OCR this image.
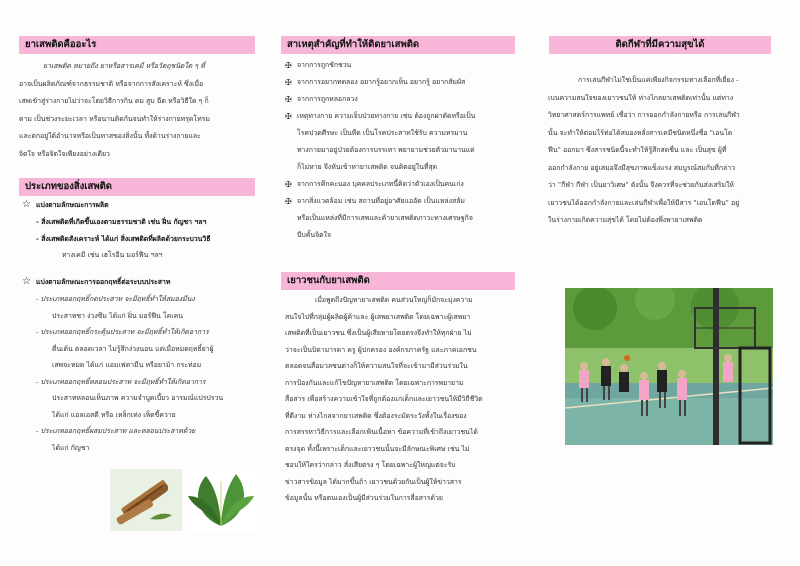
ยาเสพติดคืออะไร
ยาเสพติด หมายถึง ยาหรือสารเคมี หรือวัตถุชนิดใด ๆ ที่
อาจเป็นผลิตภัณฑ์จากธรรมชาติ หรือจากการสังเคราะห์ ซึ่งเมื่อ
เสพเข้าสู่ร่างกายไม่ว่าจะโดยวิธีการกิน ดม สูบ ฉีด หรือวิธีใด ๆ ก็
ตาม เป็นช่วงระยะเวลา หรือนานติดกันจนทำให้ร่างกายทรุดโทรม
และตกอยู่ใต้อำนาจหรือเป็นทาสของสิ่งนั้น ทั้งด้านร่างกายและ
จิตใจ หรือจิตใจเพียงอย่างเดียว
ประเภทของสิ่งเสพติด
☆ แบ่งตามลักษณะการผลิต
- สิ่งเสพติดที่เกิดขึ้นเองตามธรรมชาติ เช่น ฝิ่น กัญชา ฯลฯ
- สิ่งเสพติดสังเคราะห์ ได้แก่ สิ่งเสพติดที่ผลิตด้วยกระบวนวิธี
ทางเคมี เช่น เฮโรอีน มอร์ฟีน ฯลฯ
☆ แบ่งตามลักษณะการออกฤทธิ์ต่อระบบประสาท
- ประเภทออกฤทธิ์กดประสาท จะมีฤทธิ์ทำให้สมองมึนง
ประสาทชา ง่วงซึม ได้แก่ ฝิ่น มอร์ฟีน โคเคน
- ประเภทออกฤทธิ์กระตุ้นประสาท จะมีฤทธิ์ทำให้เกิดอาการ
ตื่นเต้น ตลอดเวลา ไม่รู้สึกง่วงนอน แต่เมื่อหมดฤทธิ์ยาผู้
เสพจะหมด ได้แก่ แอมเฟตามีน หรือยาม้า กระท่อม
- ประเภทออกฤทธิ์หลอนประสาท จะมีฤทธิ์ทำให้เกิดอาการ
ประสาทหลอนเห็นภาพ ความจำบูดเบี้ยว อารมณ์แปรปรวน
ได้แก่ แอลเอสดี หรือ เหล็กเท่ง เห็ดขี้ควาย
- ประเภทออกฤทธิ์ผสมประสาท และหลอนประสาทด้วย
ได้แก่ กัญชา
สาเหตุสำคัญที่ทำให้ติดยาเสพติด
✠ จากการถูกชักชวน
✠ จากการอยากทดลอง อยากรู้อยากเห็น อยากรู้ อยากสัมผัส
✠ จากการถูกหลอกลวง
✠ เหตุทางกาย ความเจ็บป่วยทางกาย เช่น ต้องถูกผ่าตัดหรือเป็น
โรคปวดศีรษะ เป็นหืด เป็นโรคประสาทใช้รับ ความทรมาน
ทางกายมาอยู่ป่วยต้องการบรรเทา พยายามช่วยตัวมานานแต่
ก็ไม่หาย จึงหันเข้าหายาเสพติด จนติดอยู่ในที่สุด
✠ จากการคึกคะนอง บุคคลประเภทนี้คิดว่าตัวเองเป็นคนเก่ง
✠ จากสิ่งแวดล้อม เช่น สถานที่อยู่อาศัยแออัด เป็นแหล่งสลัม
หรือเป็นแหล่งที่มีการเสพและค้ายาเสพติดภาวะทางเศรษฐกิจ
บีบคั้นจิตใจ
เยาวชนกับยาเสพติด
เมื่อพูดถึงปัญหายาเสพติด คนส่วนใหญ่ก็มักจะมุ่งความ
สนใจไปที่กลุ่มผู้ผลิตผู้ค้าและ ผู้เสพยาเสพติด โดยเฉพาะผู้เสพยา
เสพติดที่เป็นเยาวชน ซึ่งเป็นผู้เสียหายโดยตรงจึงทำให้ทุกฝ่าย ไม่
ว่าจะเป็นบิดามารดา ครู ผู้ปกครอง องค์กรภาครัฐ และภาคเอกชน
ตลอดจนสื่อมวลชนต่างก็ให้ความสนใจที่จะเข้ามามีส่วนร่วมใน
การป้องกันและแก้ไขปัญหายาเสพติด โดยเฉพาะการพยายาม
สื่อสาร เพื่อสร้างความเข้าใจที่ถูกต้องแก่เด็กและเยาวชนให้มีวิถีชีวิต
ที่ดีงาม ห่างไกลจากยาเสพติด ซึ่งต้องระมัดระวังทั้งในเรื่องของ
การสรรหาวิธีการและเลือกเฟ้นเนื้อหา ข้อความที่เข้าถึงเยาวชนได้
ตรงจุด ทั้งนี้เพราะเด็กและเยาวชนนั้นจะมีลักษณะพิเศษ เช่น ไม่
ชอบให้ใครว่ากล่าว สั่งเสียตรง ๆ โดยเฉพาะผู้ใหญ่แต่จะรับ
ข่าวสารข้อมูล ได้มากขึ้นถ้า เยาวชนด้วยกันเป็นผู้ให้ข่าวสาร
ข้อมูลนั้น หรือตนเองเป็นผู้มีส่วนร่วมในการสื่อสารด้วย
ติดกีฬาที่มีความสุขได้
การเล่นกีฬาไม่ใช่เป็นแค่เพียงกิจกรรมทางเลือกที่เยี่ยง -
เบนความสนใจของเยาวชนให้ ห่างไกลยาเสพติดเท่านั้น แต่ทาง
วิทยาศาสตร์การแพทย์ เชื่อว่า การออกกำลังกายหรือ การเล่นกีฬา
นั้น จะทำให้ต่อมไร้ท่อได้สมองหลั่งสารเคมีชนิดหนึ่งชื่อ "เอนโด
ฟีน" ออกมา ซึ่งสารชนิดนี้จะทำให้รู้สึกสดชื่น และ เป็นสุข ผู้ที่
ออกกำลังกาย อยู่เสมอจึงมีสุขภาพแข็งแรง สมบูรณ์สมกับที่กล่าว
ว่า "กีฬา กีฬา เป็นยาวิเศษ" ดังนั้น จึงควรที่จะช่วยกันส่งเสริมให้
เยาวชนได้ออกกำลังกายและเล่นกีฬาเพื่อให้มีสาร "เอนโดฟีน" อยู่
ในร่างกายเกิดความสุขได้ โดยไม่ต้องพึ่งพายาเสพติด
